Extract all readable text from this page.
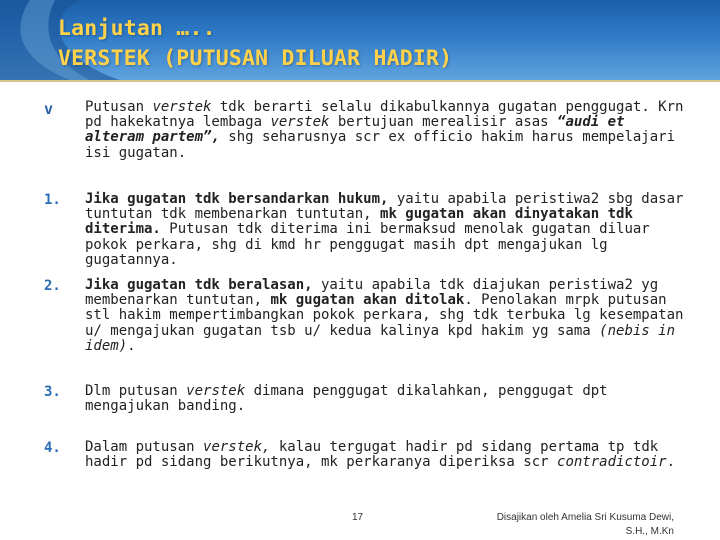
Lanjutan …..
VERSTEK (PUTUSAN DILUAR HADIR)
v Putusan verstek tdk berarti selalu dikabulkannya gugatan penggugat. Krn pd hakekatnya lembaga verstek bertujuan merealisir asas “audi et alteram partem”, shg seharusnya scr ex officio hakim harus mempelajari isi gugatan.
1. Jika gugatan tdk bersandarkan hukum, yaitu apabila peristiwa2 sbg dasar tuntutan tdk membenarkan tuntutan, mk gugatan akan dinyatakan tdk diterima. Putusan tdk diterima ini bermaksud menolak gugatan diluar pokok perkara, shg di kmd hr penggugat masih dpt mengajukan lg gugatannya.
2. Jika gugatan tdk beralasan, yaitu apabila tdk diajukan peristiwa2 yg membenarkan tuntutan, mk gugatan akan ditolak. Penolakan mrpk putusan stl hakim mempertimbangkan pokok perkara, shg tdk terbuka lg kesempatan u/ mengajukan gugatan tsb u/ kedua kalinya kpd hakim yg sama (nebis in idem).
3. Dlm putusan verstek dimana penggugat dikalahkan, penggugat dpt mengajukan banding.
4. Dalam putusan verstek, kalau tergugat hadir pd sidang pertama tp tdk hadir pd sidang berikutnya, mk perkaranya diperiksa scr contradictoir.
17	Disajikan oleh Amelia Sri Kusuma Dewi,
S.H., M.Kn
